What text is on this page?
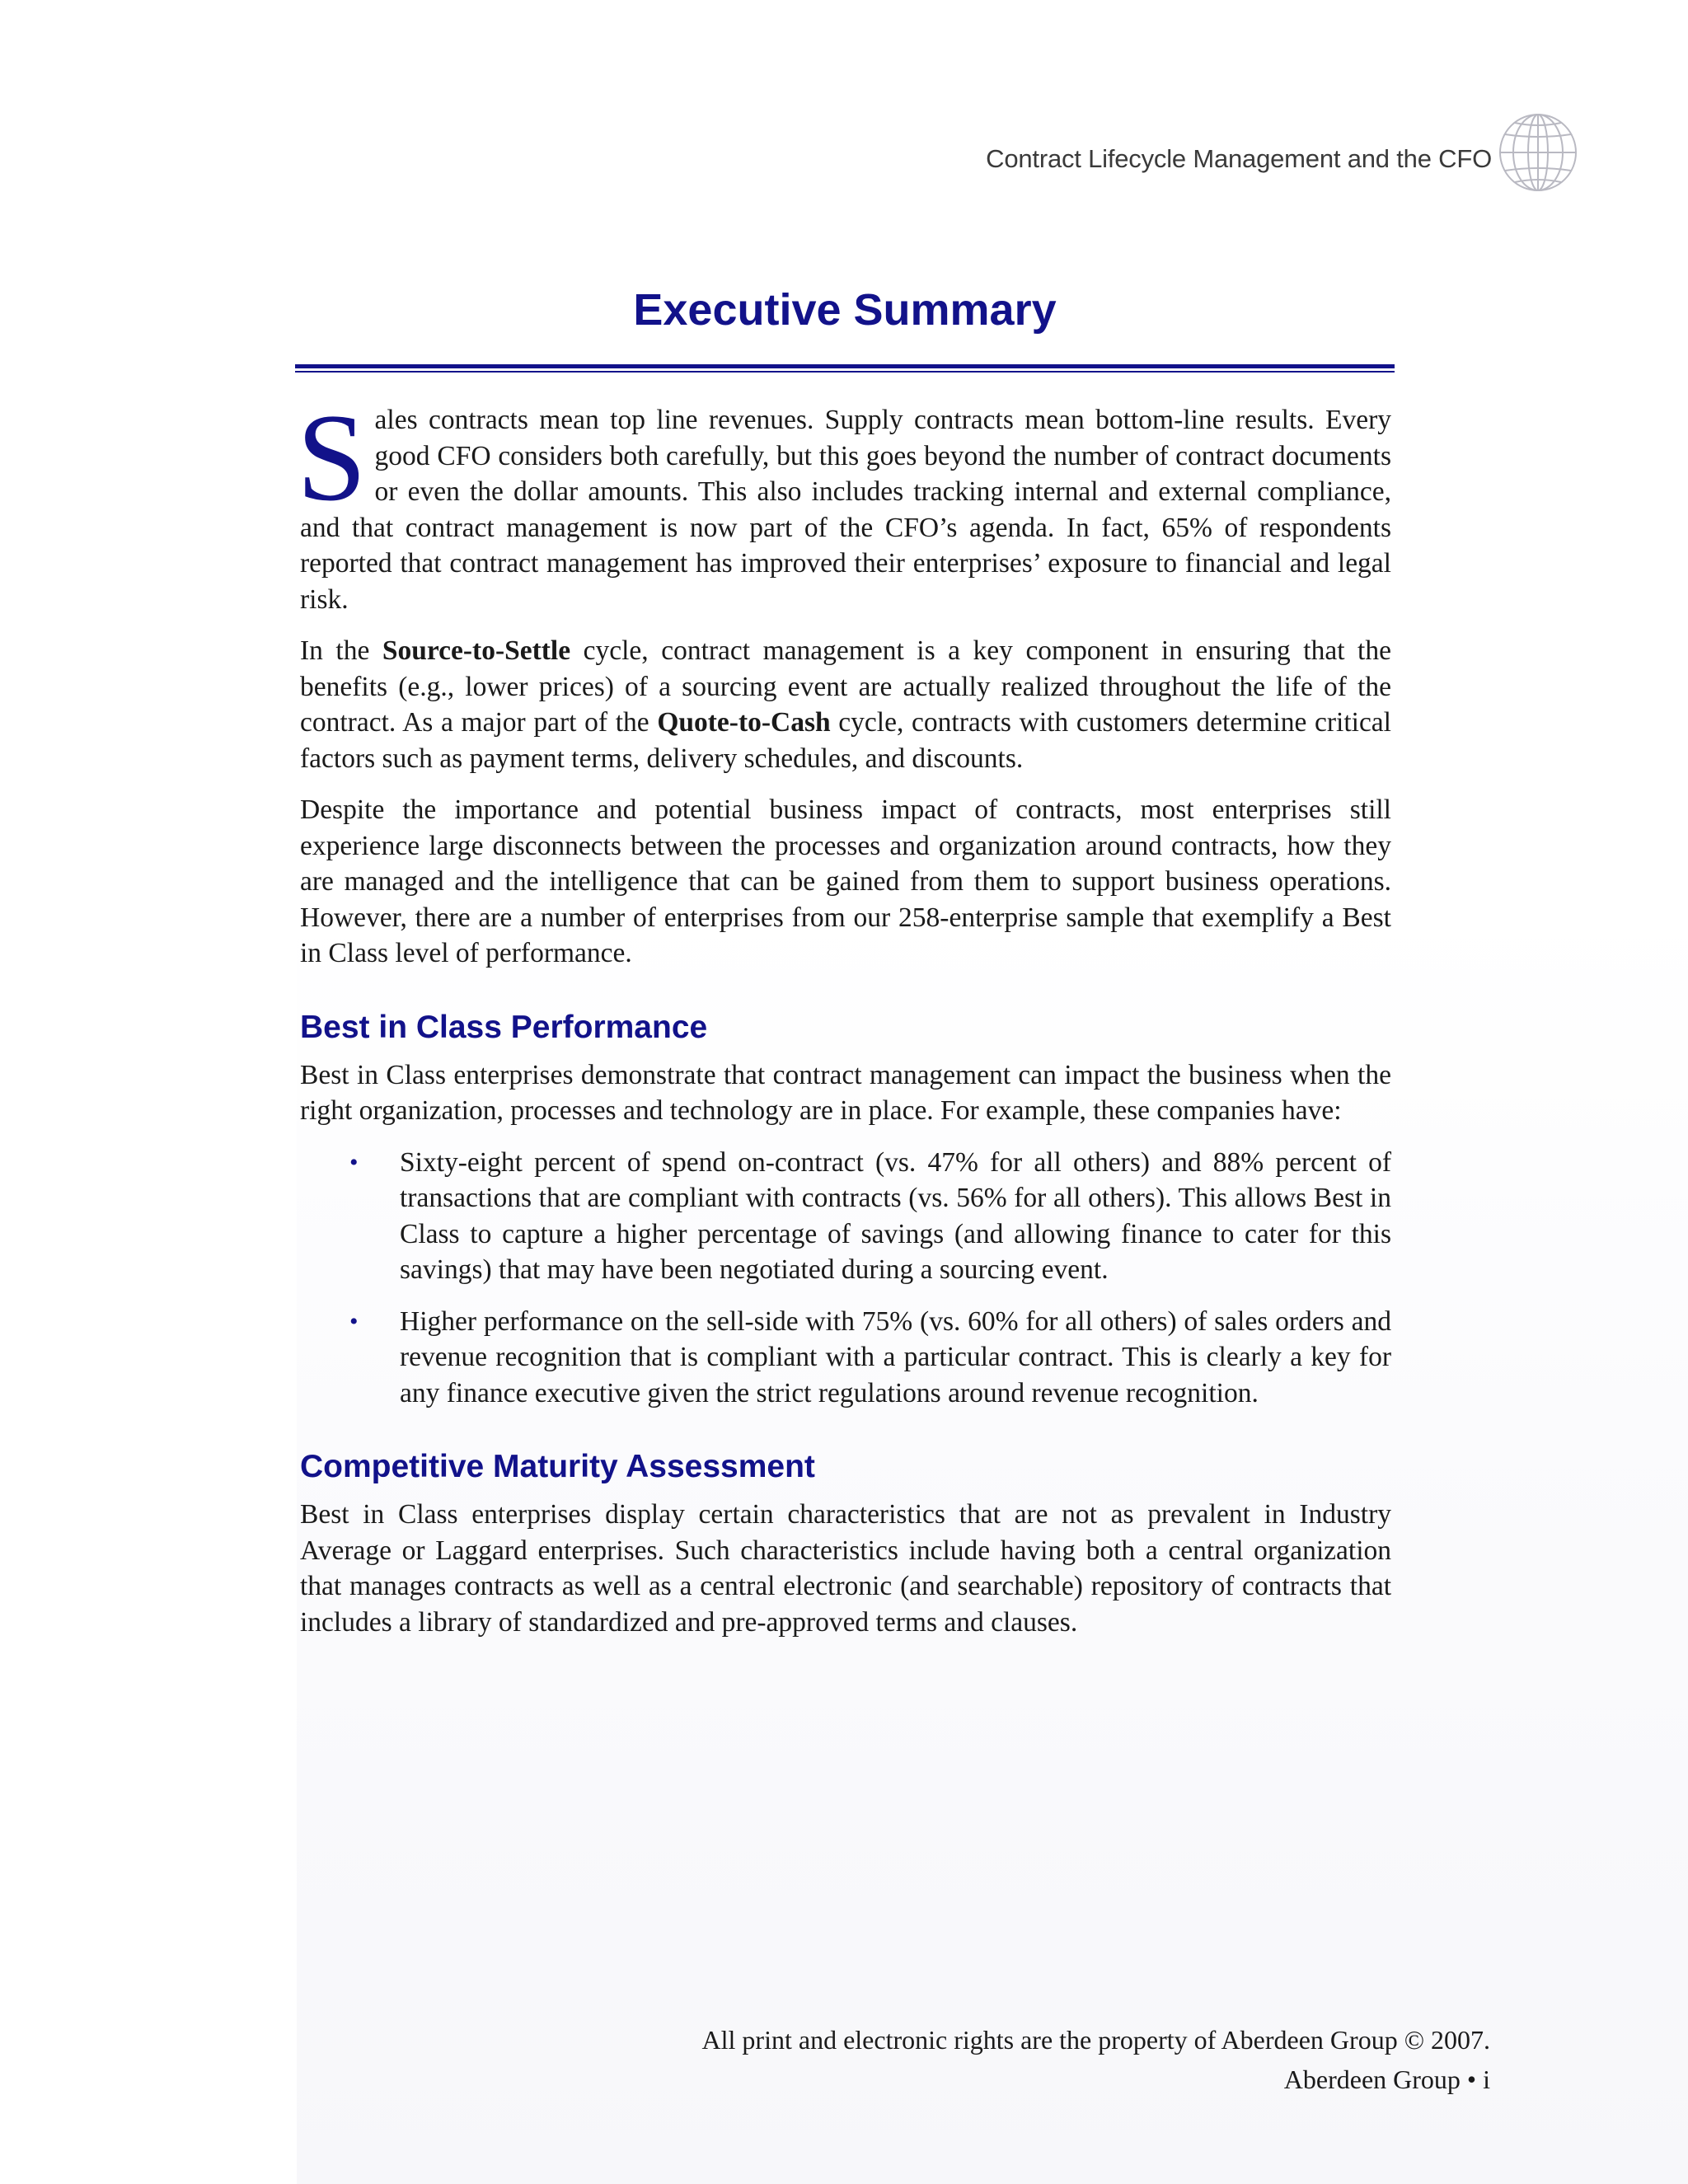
Contract Lifecycle Management and the CFO
Executive Summary

Sales contracts mean top line revenues. Supply contracts mean bottom-line results. Every good CFO considers both carefully, but this goes beyond the number of contract documents or even the dollar amounts. This also includes tracking internal and external compliance, and that contract management is now part of the CFO’s agenda. In fact, 65% of respondents reported that contract management has improved their enterprises’ exposure to financial and legal risk.

In the Source-to-Settle cycle, contract management is a key component in ensuring that the benefits (e.g., lower prices) of a sourcing event are actually realized throughout the life of the contract. As a major part of the Quote-to-Cash cycle, contracts with customers determine critical factors such as payment terms, delivery schedules, and discounts.

Despite the importance and potential business impact of contracts, most enterprises still experience large disconnects between the processes and organization around contracts, how they are managed and the intelligence that can be gained from them to support business operations. However, there are a number of enterprises from our 258-enterprise sample that exemplify a Best in Class level of performance.

Best in Class Performance

Best in Class enterprises demonstrate that contract management can impact the business when the right organization, processes and technology are in place. For example, these companies have:

• Sixty-eight percent of spend on-contract (vs. 47% for all others) and 88% percent of transactions that are compliant with contracts (vs. 56% for all others). This allows Best in Class to capture a higher percentage of savings (and allowing finance to cater for this savings) that may have been negotiated during a sourcing event.
• Higher performance on the sell-side with 75% (vs. 60% for all others) of sales orders and revenue recognition that is compliant with a particular contract. This is clearly a key for any finance executive given the strict regulations around revenue recognition.
Competitive Maturity Assessment

Best in Class enterprises display certain characteristics that are not as prevalent in Industry Average or Laggard enterprises. Such characteristics include having both a central organization that manages contracts as well as a central electronic (and searchable) repository of contracts that includes a library of standardized and pre-approved terms and clauses.

All print and electronic rights are the property of Aberdeen Group © 2007.
Aberdeen Group • i
